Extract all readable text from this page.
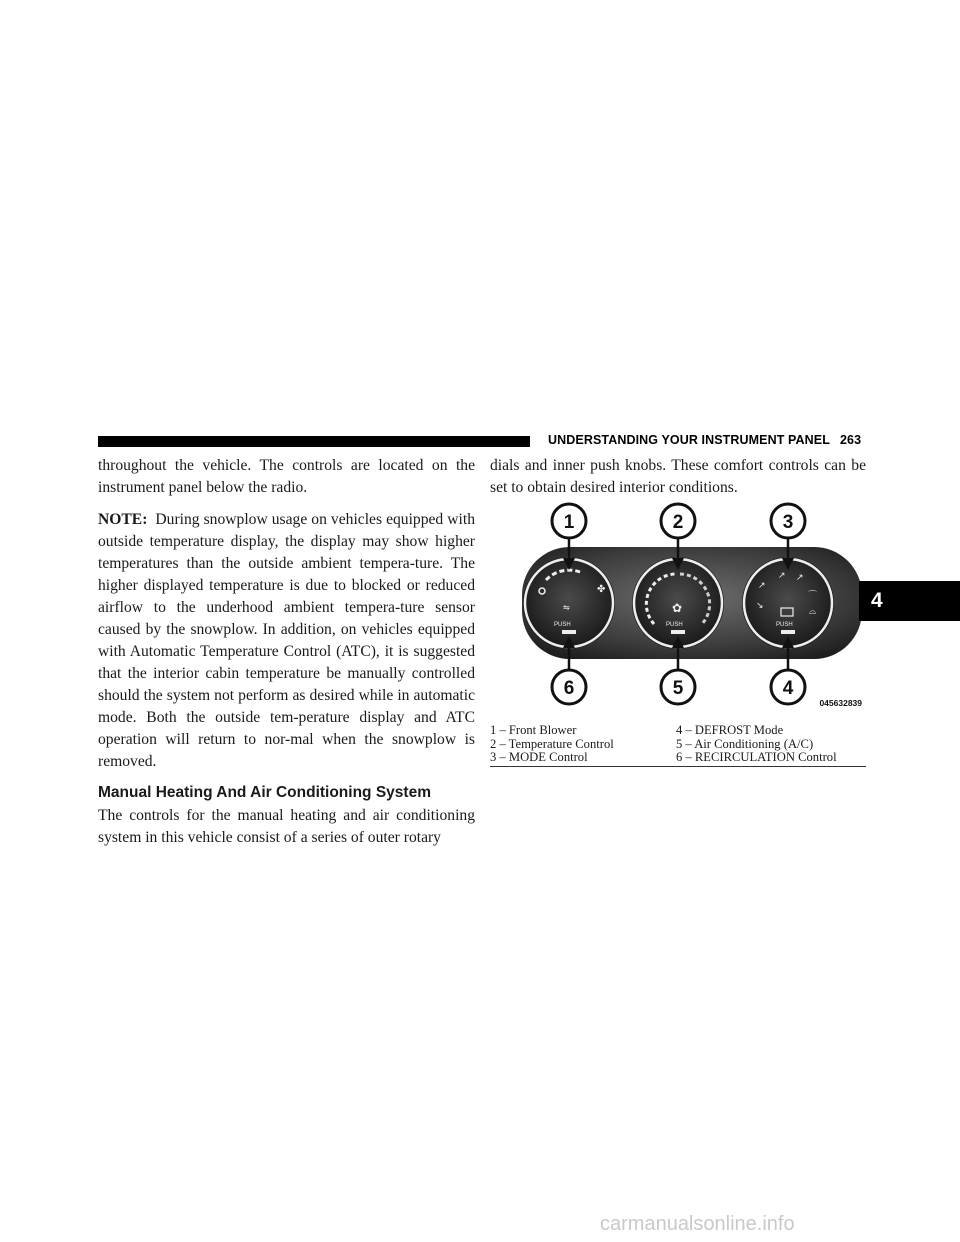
UNDERSTANDING YOUR INSTRUMENT PANEL 263

throughout the vehicle. The controls are located on the instrument panel below the radio.

NOTE: During snowplow usage on vehicles equipped with outside temperature display, the display may show higher temperatures than the outside ambient tempera-ture. The higher displayed temperature is due to blocked or reduced airflow to the underhood ambient tempera-ture sensor caused by the snowplow. In addition, on vehicles equipped with Automatic Temperature Control (ATC), it is suggested that the interior cabin temperature be manually controlled should the system not perform as desired while in automatic mode. Both the outside tem-perature display and ATC operation will return to nor-mal when the snowplow is removed.

Manual Heating And Air Conditioning System

The controls for the manual heating and air conditioning system in this vehicle consist of a series of outer rotary

dials and inner push knobs. These comfort controls can be set to obtain desired interior conditions.

✤
⇋
PUSH
✿
PUSH
↗
↗ ↗
↘
⌒
⌓
PUSH
1	2	3
6	5	4
045632839
1 – Front Blower	4 – DEFROST Mode
2 – Temperature Control	5 – Air Conditioning (A/C)
3 – MODE Control	6 – RECIRCULATION Control
4
carmanualsonline.info
